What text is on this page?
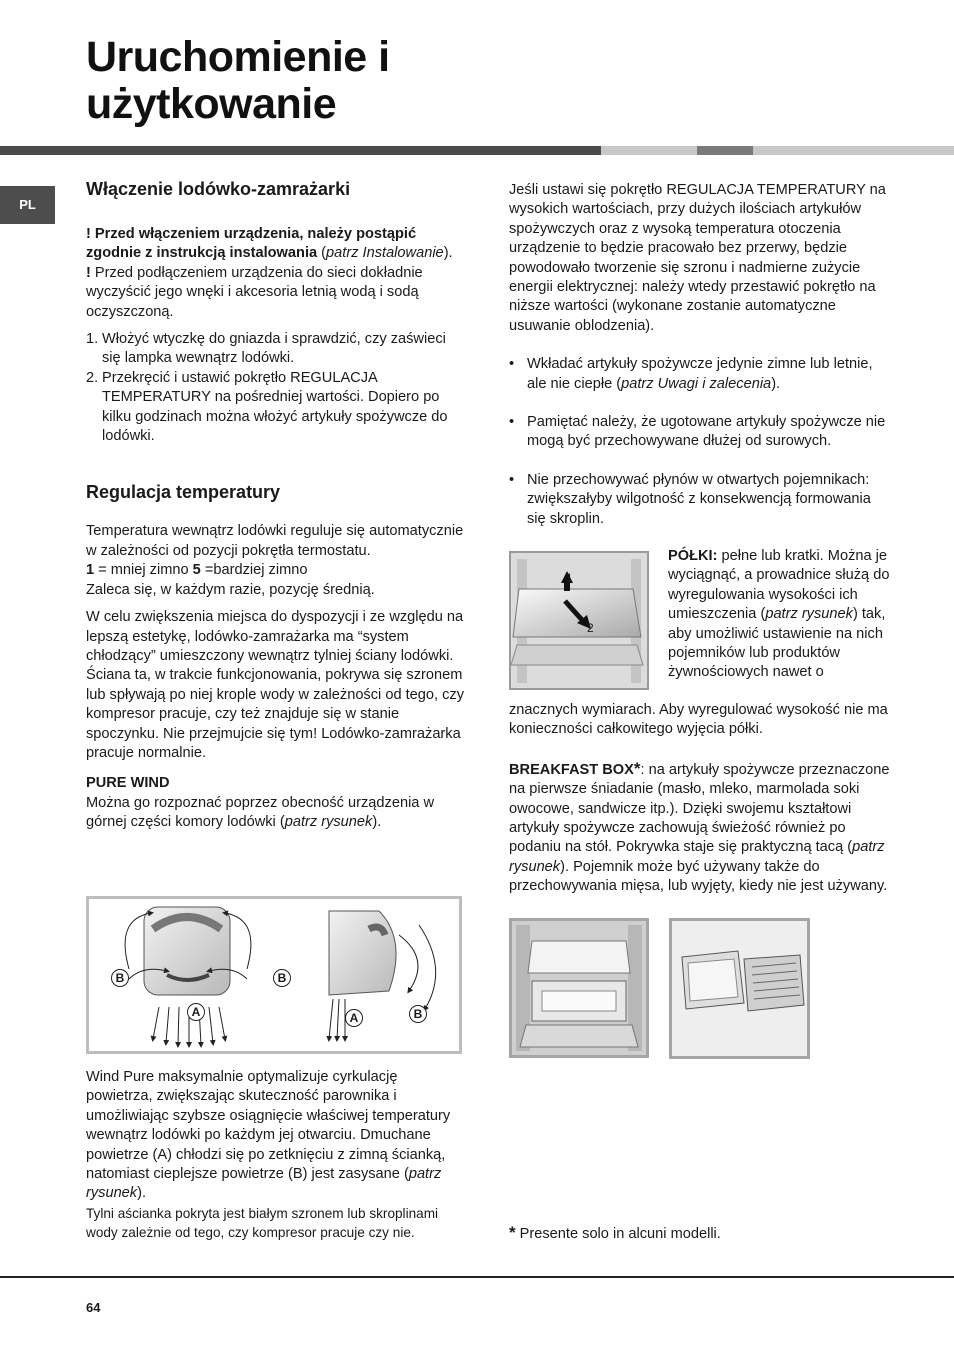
Uruchomienie i
użytkowanie
PL

Włączenie lodówko-zamrażarki

! Przed włączeniem urządzenia, należy postąpić zgodnie z instrukcją instalowania (patrz Instalowanie).

! Przed podłączeniem urządzenia do sieci dokładnie wyczyścić jego wnęki i akcesoria letnią wodą i sodą oczyszczoną.

1. Włożyć wtyczkę do gniazda i sprawdzić, czy zaświeci się lampka wewnątrz lodówki.
2. Przekręcić i ustawić pokrętło REGULACJA TEMPERATURY na pośredniej wartości. Dopiero po kilku godzinach można włożyć artykuły spożywcze do lodówki.

Regulacja temperatury

Temperatura wewnątrz lodówki reguluje się automatycznie w zależności od pozycji pokrętła termostatu.

1 = mniej zimno 5 =bardziej zimno

Zaleca się, w każdym razie, pozycję średnią.

W celu zwiększenia miejsca do dyspozycji i ze względu na lepszą estetykę, lodówko-zamrażarka ma “system chłodzący” umieszczony wewnątrz tylniej ściany lodówki. Ściana ta, w trakcie funkcjonowania, pokrywa się szronem lub spływają po niej krople wody w zależności od tego, czy kompresor pracuje, czy też znajduje się w stanie spoczynku. Nie przejmujcie się tym! Lodówko-zamrażarka pracuje normalnie.

PURE WIND

Można go rozpoznać poprzez obecność urządzenia w górnej części komory lodówki (patrz rysunek).

B	B
A	A	B

Wind Pure maksymalnie optymalizuje cyrkulację powietrza, zwiększając skuteczność parownika i umożliwiając szybsze osiągnięcie właściwej temperatury wewnątrz lodówki po każdym jej otwarciu. Dmuchane powietrze (A) chłodzi się po zetknięciu z zimną ścianką, natomiast cieplejsze powietrze (B) jest zasysane (patrz rysunek).

Tylni aścianka pokryta jest białym szronem lub skroplinami wody zależnie od tego, czy kompresor pracuje czy nie.

Jeśli ustawi się pokrętło REGULACJA TEMPERATURY na wysokich wartościach, przy dużych ilościach artykułów spożywczych oraz z wysoką temperatura otoczenia urządzenie to będzie pracowało bez przerwy, będzie powodowało tworzenie się szronu i nadmierne zużycie energii elektrycznej: należy wtedy przestawić pokrętło na niższe wartości (wykonane zostanie automatyczne usuwanie oblodzenia).

• Wkładać artykuły spożywcze jedynie zimne lub letnie, ale nie ciepłe (patrz Uwagi i zalecenia).
• Pamiętać należy, że ugotowane artykuły spożywcze nie mogą być przechowywane dłużej od surowych.
• Nie przechowywać płynów w otwartych pojemnikach: zwiększałyby wilgotność z konsekwencją formowania się skroplin.
1
2

PÓŁKI: pełne lub kratki. Można je wyciągnąć, a prowadnice służą do wyregulowania wysokości ich umieszczenia (patrz rysunek) tak, aby umożliwić ustawienie na nich pojemników lub produktów żywnościowych nawet o

znacznych wymiarach. Aby wyregulować wysokość nie ma konieczności całkowitego wyjęcia półki.

BREAKFAST BOX*: na artykuły spożywcze przeznaczone na pierwsze śniadanie (masło, mleko, marmolada soki owocowe, sandwicze itp.). Dzięki swojemu kształtowi artykuły spożywcze zachowują świeżość również po podaniu na stół. Pokrywka staje się praktyczną tacą (patrz rysunek). Pojemnik może być używany także do przechowywania mięsa, lub wyjęty, kiedy nie jest używany.

* Presente solo in alcuni modelli.

64
